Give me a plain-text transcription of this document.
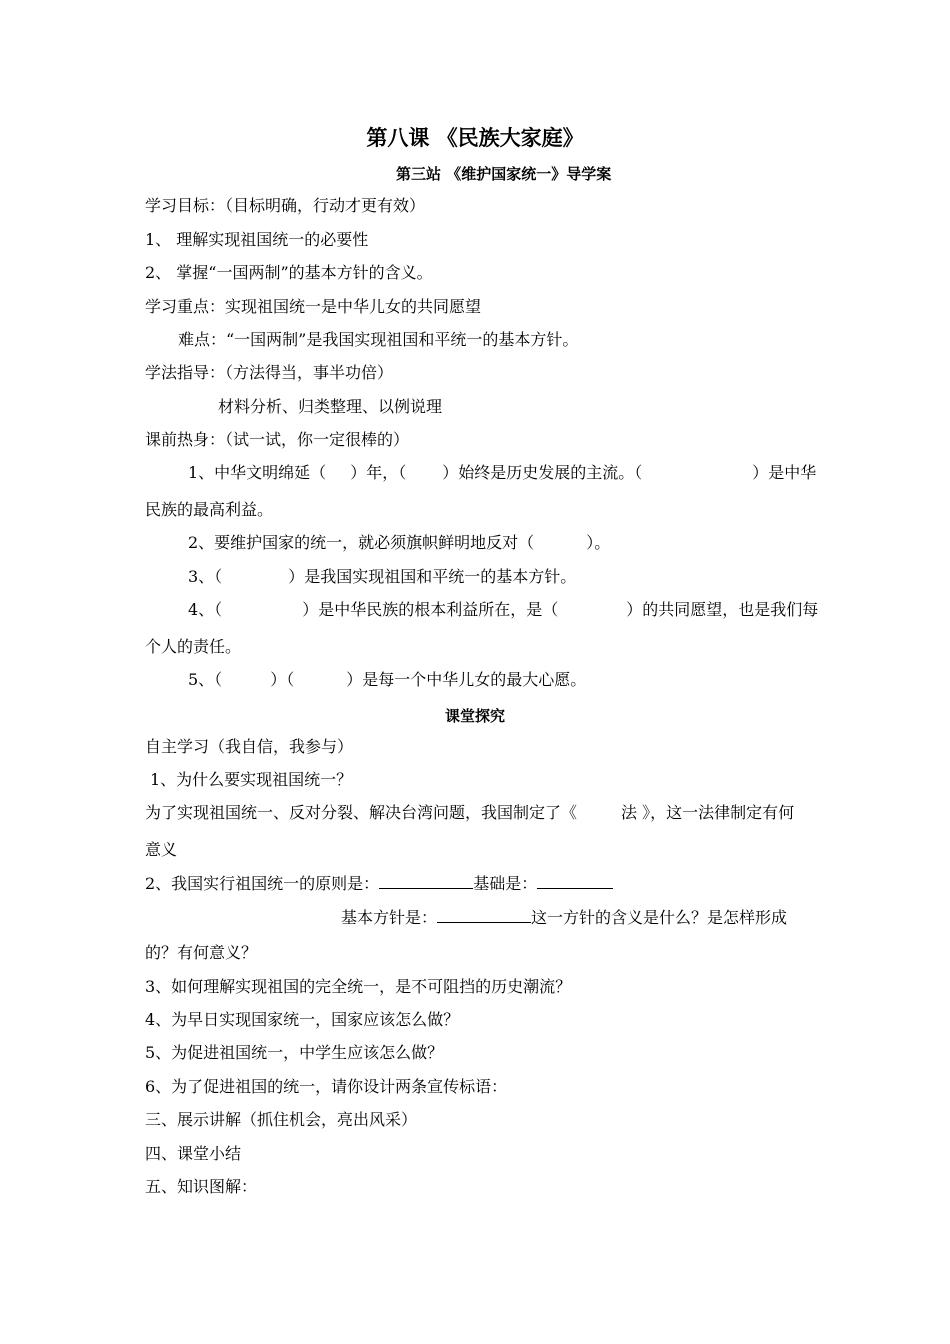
第八课 《民族大家庭》
第三站 《维护国家统一》导学案
学习目标：（目标明确，行动才更有效）
1、 理解实现祖国统一的必要性
2、 掌握“一国两制”的基本方针的含义。
学习重点：实现祖国统一是中华儿女的共同愿望
难点：“一国两制”是我国实现祖国和平统一的基本方针。
学法指导：（方法得当，事半功倍）
材料分析、归类整理、以例说理
课前热身：（试一试，你一定很棒的）
1、中华文明绵延（ ）年，（ ）始终是历史发展的主流。（	）是中华
民族的最高利益。
2、要维护国家的统一，就必须旗帜鲜明地反对（	）。
3、（	）是我国实现祖国和平统一的基本方针。
4、（	）是中华民族的根本利益所在，是（	）的共同愿望，也是我们每
个人的责任。
5、（	）（	）是每一个中华儿女的最大心愿。
课堂探究
自主学习（我自信，我参与）
1、为什么要实现祖国统一？
为了实现祖国统一、反对分裂、解决台湾问题，我国制定了《	法 》，这一法律制定有何
意义
2、我国实行祖国统一的原则是：	基础是：
基本方针是：	这一方针的含义是什么？是怎样形成
的？有何意义？
3、如何理解实现祖国的完全统一，是不可阻挡的历史潮流？
4、为早日实现国家统一，国家应该怎么做？
5、为促进祖国统一，中学生应该怎么做？
6、为了促进祖国的统一，请你设计两条宣传标语：
三、展示讲解（抓住机会，亮出风采）
四、课堂小结
五、知识图解：
